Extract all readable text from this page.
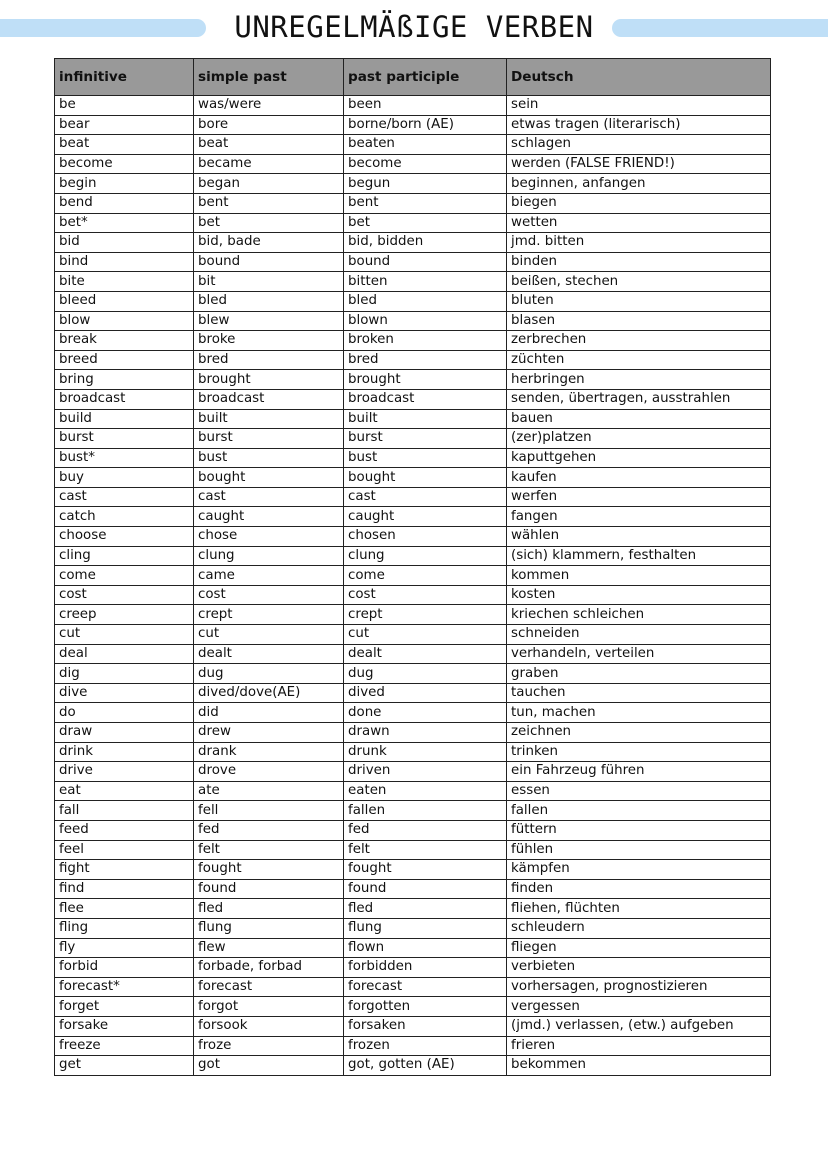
UNREGELMÄßIGE VERBEN
infinitive	simple past	past participle	Deutsch
be	was/were	been	sein
bear	bore	borne/born (AE)	etwas tragen (literarisch)
beat	beat	beaten	schlagen
become	became	become	werden (FALSE FRIEND!)
begin	began	begun	beginnen, anfangen
bend	bent	bent	biegen
bet*	bet	bet	wetten
bid	bid, bade	bid, bidden	jmd. bitten
bind	bound	bound	binden
bite	bit	bitten	beißen, stechen
bleed	bled	bled	bluten
blow	blew	blown	blasen
break	broke	broken	zerbrechen
breed	bred	bred	züchten
bring	brought	brought	herbringen
broadcast	broadcast	broadcast	senden, übertragen, ausstrahlen
build	built	built	bauen
burst	burst	burst	(zer)platzen
bust*	bust	bust	kaputtgehen
buy	bought	bought	kaufen
cast	cast	cast	werfen
catch	caught	caught	fangen
choose	chose	chosen	wählen
cling	clung	clung	(sich) klammern, festhalten
come	came	come	kommen
cost	cost	cost	kosten
creep	crept	crept	kriechen schleichen
cut	cut	cut	schneiden
deal	dealt	dealt	verhandeln, verteilen
dig	dug	dug	graben
dive	dived/dove(AE)	dived	tauchen
do	did	done	tun, machen
draw	drew	drawn	zeichnen
drink	drank	drunk	trinken
drive	drove	driven	ein Fahrzeug führen
eat	ate	eaten	essen
fall	fell	fallen	fallen
feed	fed	fed	füttern
feel	felt	felt	fühlen
fight	fought	fought	kämpfen
find	found	found	finden
flee	fled	fled	fliehen, flüchten
fling	flung	flung	schleudern
fly	flew	flown	fliegen
forbid	forbade, forbad	forbidden	verbieten
forecast*	forecast	forecast	vorhersagen, prognostizieren
forget	forgot	forgotten	vergessen
forsake	forsook	forsaken	(jmd.) verlassen, (etw.) aufgeben
freeze	froze	frozen	frieren
get	got	got, gotten (AE)	bekommen
